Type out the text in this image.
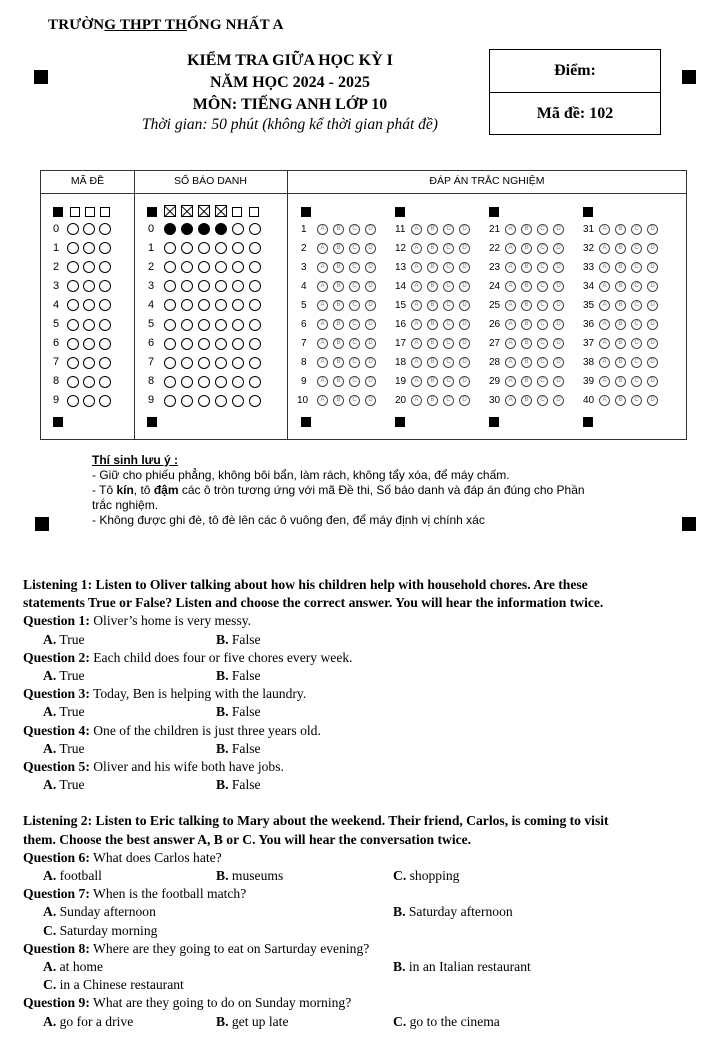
TRƯỜNG THPT THỐNG NHẤT A
KIỂM TRA GIỮA HỌC KỲ I
NĂM HỌC 2024 - 2025
MÔN: TIẾNG ANH LỚP 10
Thời gian: 50 phút (không kể thời gian phát đề)
Điểm:
Mã đề: 102
MÃ ĐỀ	SỐ BÁO DANH	ĐÁP ÁN TRẮC NGHIỆM
0	0	1	A	B	C	D	11	A	B	C	D	21	A	B	C	D	31	A	B	C	D
1	1	2	A	B	C	D	12	A	B	C	D	22	A	B	C	D	32	A	B	C	D
2	2	3	A	B	C	D	13	A	B	C	D	23	A	B	C	D	33	A	B	C	D
3	3	4	A	B	C	D	14	A	B	C	D	24	A	B	C	D	34	A	B	C	D
4	4	5	A	B	C	D	15	A	B	C	D	25	A	B	C	D	35	A	B	C	D
5	5	6	A	B	C	D	16	A	B	C	D	26	A	B	C	D	36	A	B	C	D
6	6	7	A	B	C	D	17	A	B	C	D	27	A	B	C	D	37	A	B	C	D
7	7	8	A	B	C	D	18	A	B	C	D	28	A	B	C	D	38	A	B	C	D
8	8	9	A	B	C	D	19	A	B	C	D	29	A	B	C	D	39	A	B	C	D
9	9	10	A	B	C	D	20	A	B	C	D	30	A	B	C	D	40	A	B	C	D
Thí sinh lưu ý :
- Giữ cho phiếu phẳng, không bôi bẩn, làm rách, không tẩy xóa, để máy chấm.
- Tô kín, tô đậm các ô tròn tương ứng với mã Đề thi, Số báo danh và đáp án đúng cho Phần
trắc nghiệm.
- Không được ghi đè, tô đè lên các ô vuông đen, để máy định vị chính xác

Listening 1: Listen to Oliver talking about how his children help with household chores. Are these

statements True or False? Listen and choose the correct answer. You will hear the information twice.

Question 1: Oliver’s home is very messy.

A. True	B. False

Question 2: Each child does four or five chores every week.

A. True	B. False

Question 3: Today, Ben is helping with the laundry.

A. True	B. False

Question 4: One of the children is just three years old.

A. True	B. False

Question 5: Oliver and his wife both have jobs.

A. True	B. False

Listening 2: Listen to Eric talking to Mary about the weekend. Their friend, Carlos, is coming to visit

them. Choose the best answer A, B or C. You will hear the conversation twice.

Question 6: What does Carlos hate?

A. football	B. museums	C. shopping

Question 7: When is the football match?

A. Sunday afternoon	B. Saturday afternoon
C. Saturday morning

Question 8: Where are they going to eat on Sarturday evening?

A. at home	B. in an Italian restaurant
C. in a Chinese restaurant

Question 9: What are they going to do on Sunday morning?

A. go for a drive	B. get up late	C. go to the cinema
